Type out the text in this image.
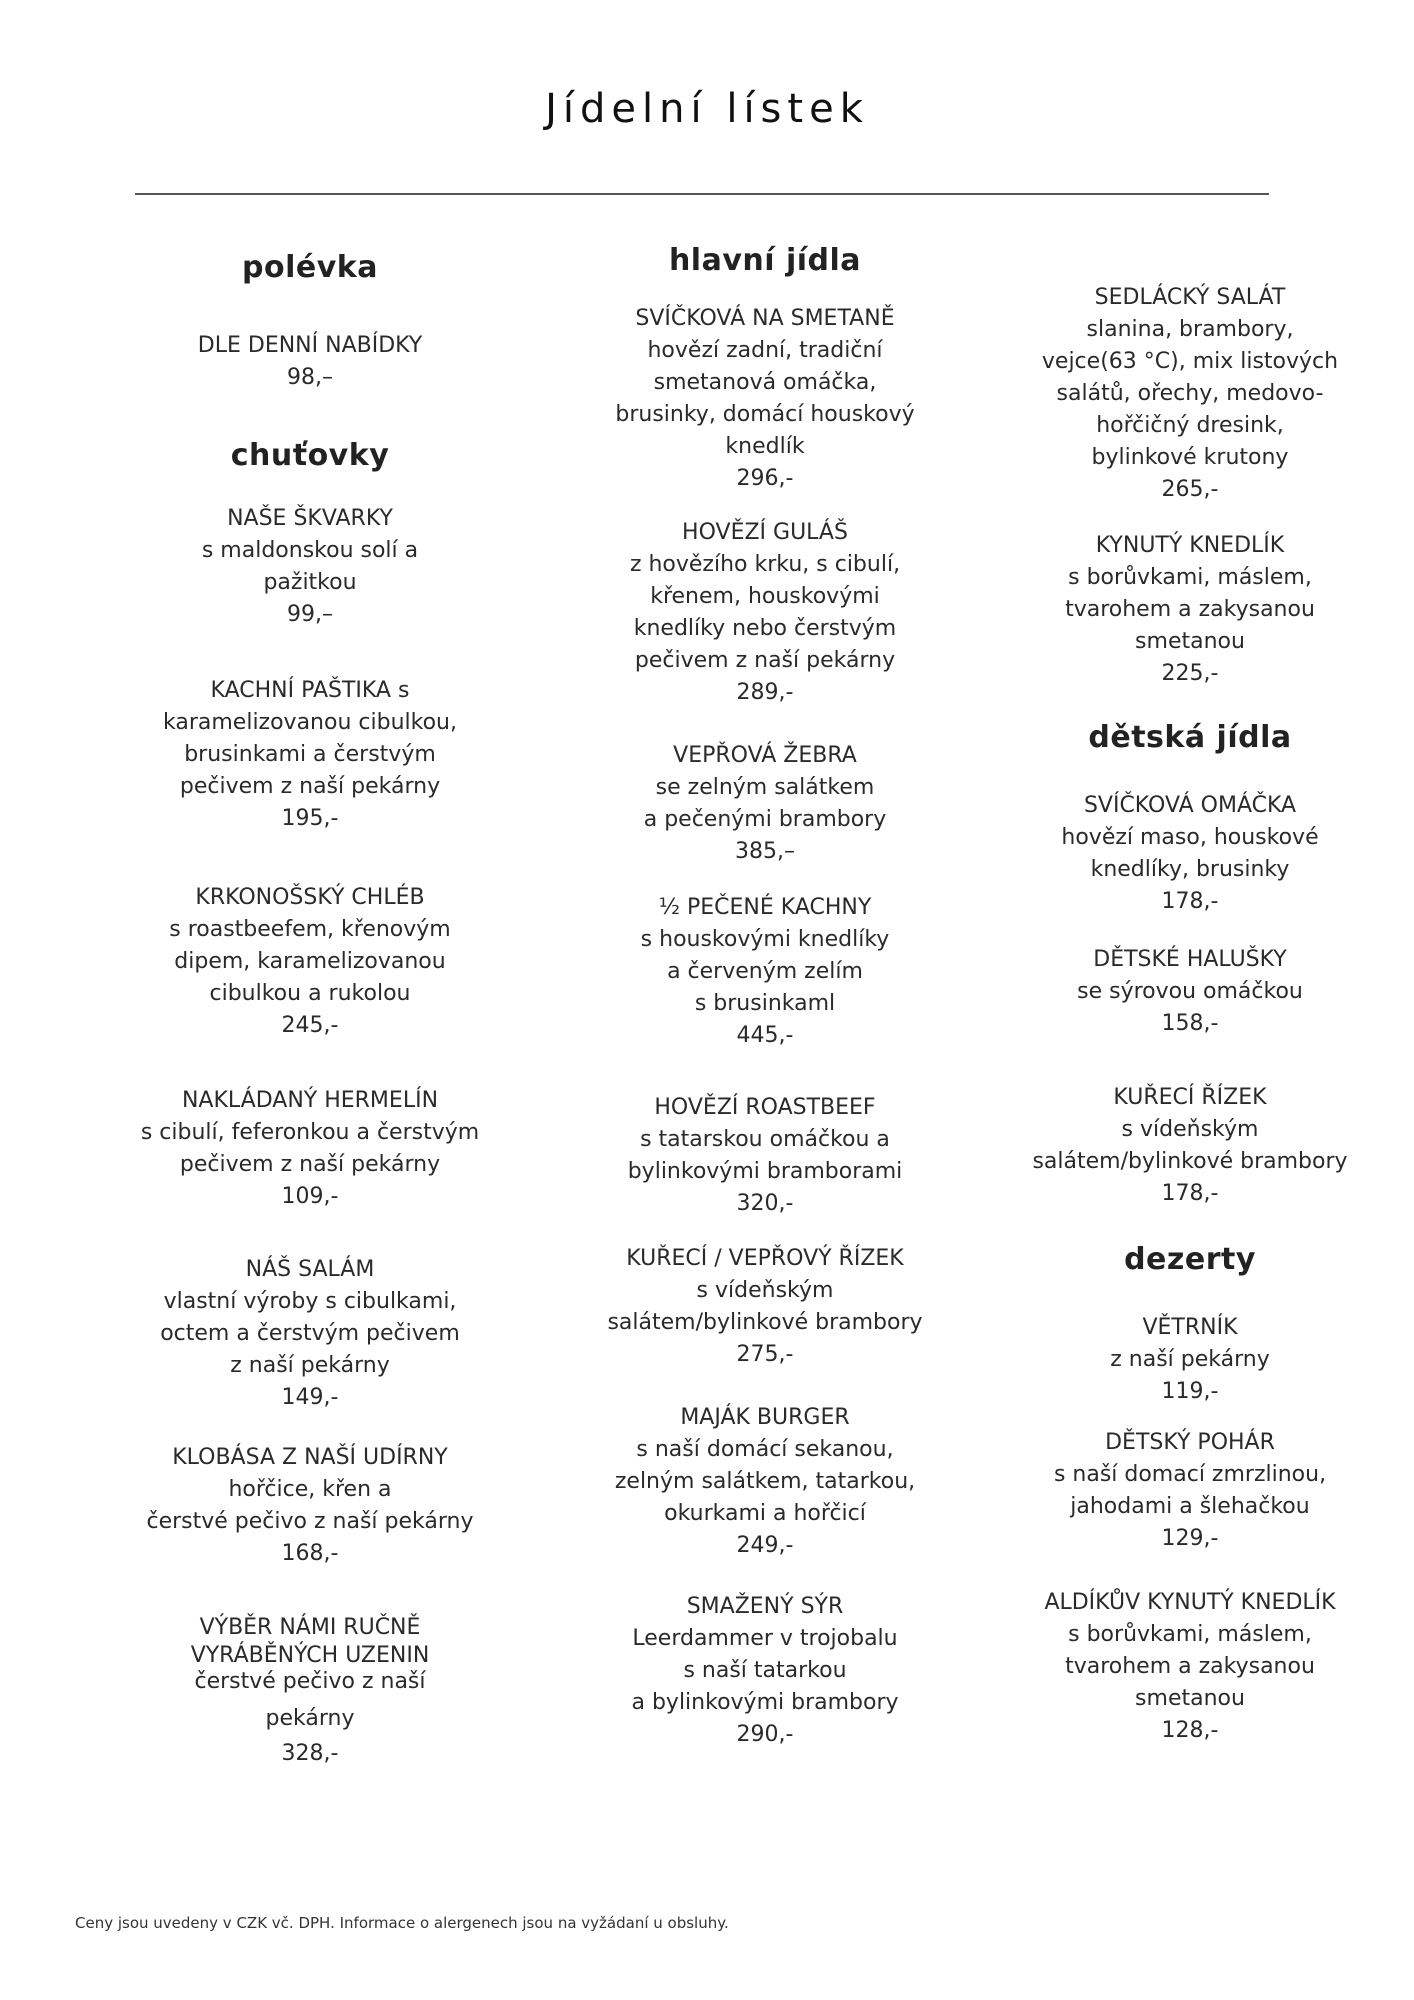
Jídelní lístek
polévka
DLE DENNÍ NABÍDKY
98,–
chuťovky
NAŠE ŠKVARKY
s maldonskou solí a
pažitkou
99,–
KACHNÍ PAŠTIKA s
karamelizovanou cibulkou,
brusinkami a čerstvým
pečivem z naší pekárny
195,-
KRKONOŠSKÝ CHLÉB
s roastbeefem, křenovým
dipem, karamelizovanou
cibulkou a rukolou
245,-
NAKLÁDANÝ HERMELÍN
s cibulí, feferonkou a čerstvým
pečivem z naší pekárny
109,-
NÁŠ SALÁM
vlastní výroby s cibulkami,
octem a čerstvým pečivem
z naší pekárny
149,-
KLOBÁSA Z NAŠÍ UDÍRNY
hořčice, křen a
čerstvé pečivo z naší pekárny
168,-
VÝBĚR NÁMI RUČNĚ
VYRÁBĚNÝCH UZENIN
čerstvé pečivo z naší
pekárny
328,-
hlavní jídla
SVÍČKOVÁ NA SMETANĚ
hovězí zadní, tradiční
smetanová omáčka,
brusinky, domácí houskový
knedlík
296,-
HOVĚZÍ GULÁŠ
z hovězího krku, s cibulí,
křenem, houskovými
knedlíky nebo čerstvým
pečivem z naší pekárny
289,-
VEPŘOVÁ ŽEBRA
se zelným salátkem
a pečenými brambory
385,–
½ PEČENÉ KACHNY
s houskovými knedlíky
a červeným zelím
s brusinkaml
445,-
HOVĚZÍ ROASTBEEF
s tatarskou omáčkou a
bylinkovými bramborami
320,-
KUŘECÍ / VEPŘOVÝ ŘÍZEK
s vídeňským
salátem/bylinkové brambory
275,-
MAJÁK BURGER
s naší domácí sekanou,
zelným salátkem, tatarkou,
okurkami a hořčicí
249,-
SMAŽENÝ SÝR
Leerdammer v trojobalu
s naší tatarkou
a bylinkovými brambory
290,-
SEDLÁCKÝ SALÁT
slanina, brambory,
vejce(63 °C), mix listových
salátů, ořechy, medovo-
hořčičný dresink,
bylinkové krutony
265,-
KYNUTÝ KNEDLÍK
s borůvkami, máslem,
tvarohem a zakysanou
smetanou
225,-
dětská jídla
SVÍČKOVÁ OMÁČKA
hovězí maso, houskové
knedlíky, brusinky
178,-
DĚTSKÉ HALUŠKY
se sýrovou omáčkou
158,-
KUŘECÍ ŘÍZEK
s vídeňským
salátem/bylinkové brambory
178,-
dezerty
VĚTRNÍK
z naší pekárny
119,-
DĚTSKÝ POHÁR
s naší domací zmrzlinou,
jahodami a šlehačkou
129,-
ALDÍKŮV KYNUTÝ KNEDLÍK
s borůvkami, máslem,
tvarohem a zakysanou
smetanou
128,-
Ceny jsou uvedeny v CZK vč. DPH. Informace o alergenech jsou na vyžádaní u obsluhy.
